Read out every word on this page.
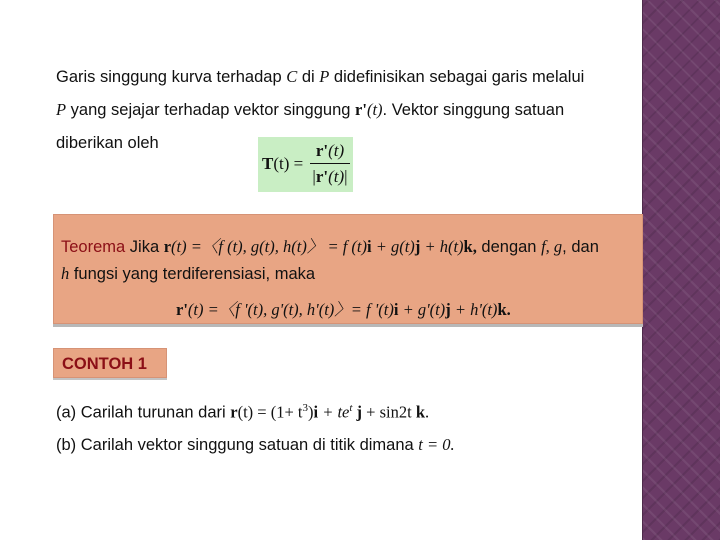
Garis singgung kurva terhadap C di P didefinisikan sebagai garis melalui
P yang sejajar terhadap vektor singgung r'(t). Vektor singgung satuan
diberikan oleh
T(t) =
r'(t)
|r'(t)|
Teorema Jika r(t) =〈f (t), g(t), h(t)〉 = f (t)i + g(t)j + h(t)k, dengan f, g, dan
h fungsi yang terdiferensiasi, maka
r'(t) =〈f '(t), g'(t), h'(t)〉= f '(t)i + g'(t)j + h'(t)k.
CONTOH 1
(a) Carilah turunan dari $r(t) = (1+ t^3)i + te^t$ j + sin2t k.
(b) Carilah vektor singgung satuan di titik dimana t = 0.
